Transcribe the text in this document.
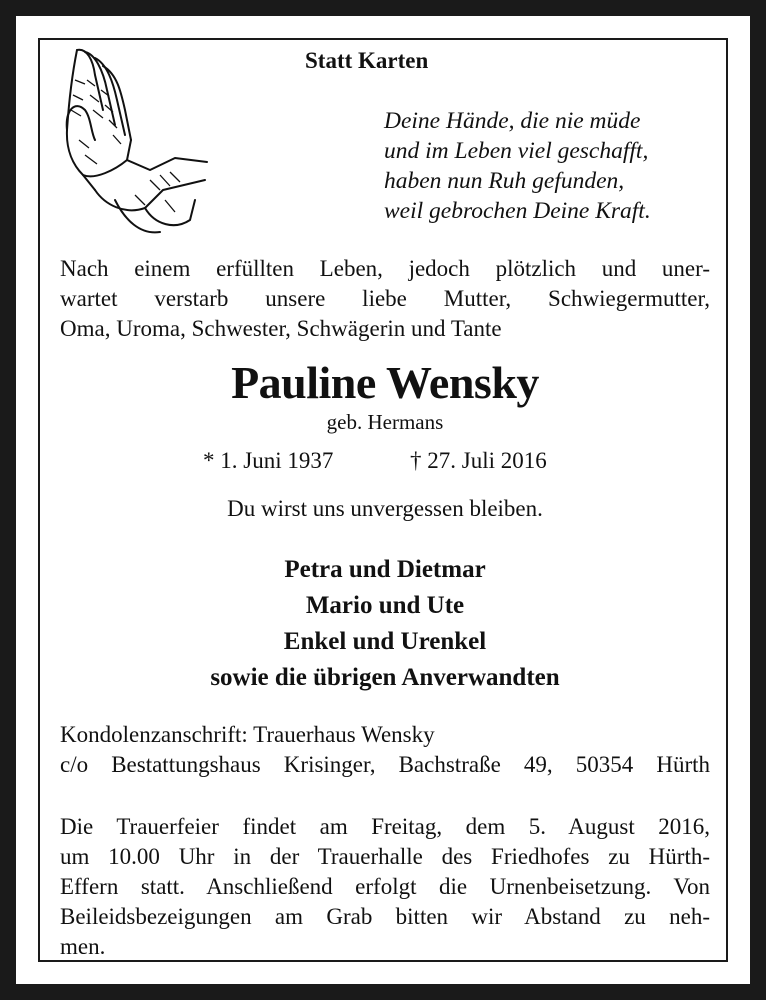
Statt Karten
Deine Hände, die nie müde
und im Leben viel geschafft,
haben nun Ruh gefunden,
weil gebrochen Deine Kraft.
Nach einem erfüllten Leben, jedoch plötzlich und uner-
wartet verstarb unsere liebe Mutter, Schwiegermutter,
Oma, Uroma, Schwester, Schwägerin und Tante
Pauline Wensky
geb. Hermans
* 1. Juni 1937	† 27. Juli 2016
Du wirst uns unvergessen bleiben.
Petra und Dietmar
Mario und Ute
Enkel und Urenkel
sowie die übrigen Anverwandten
Kondolenzanschrift: Trauerhaus Wensky
c/o Bestattungshaus Krisinger, Bachstraße 49, 50354 Hürth
Die Trauerfeier findet am Freitag, dem 5. August 2016,
um 10.00 Uhr in der Trauerhalle des Friedhofes zu Hürth-
Effern statt. Anschließend erfolgt die Urnenbeisetzung. Von
Beileidsbezeigungen am Grab bitten wir Abstand zu neh-
men.
